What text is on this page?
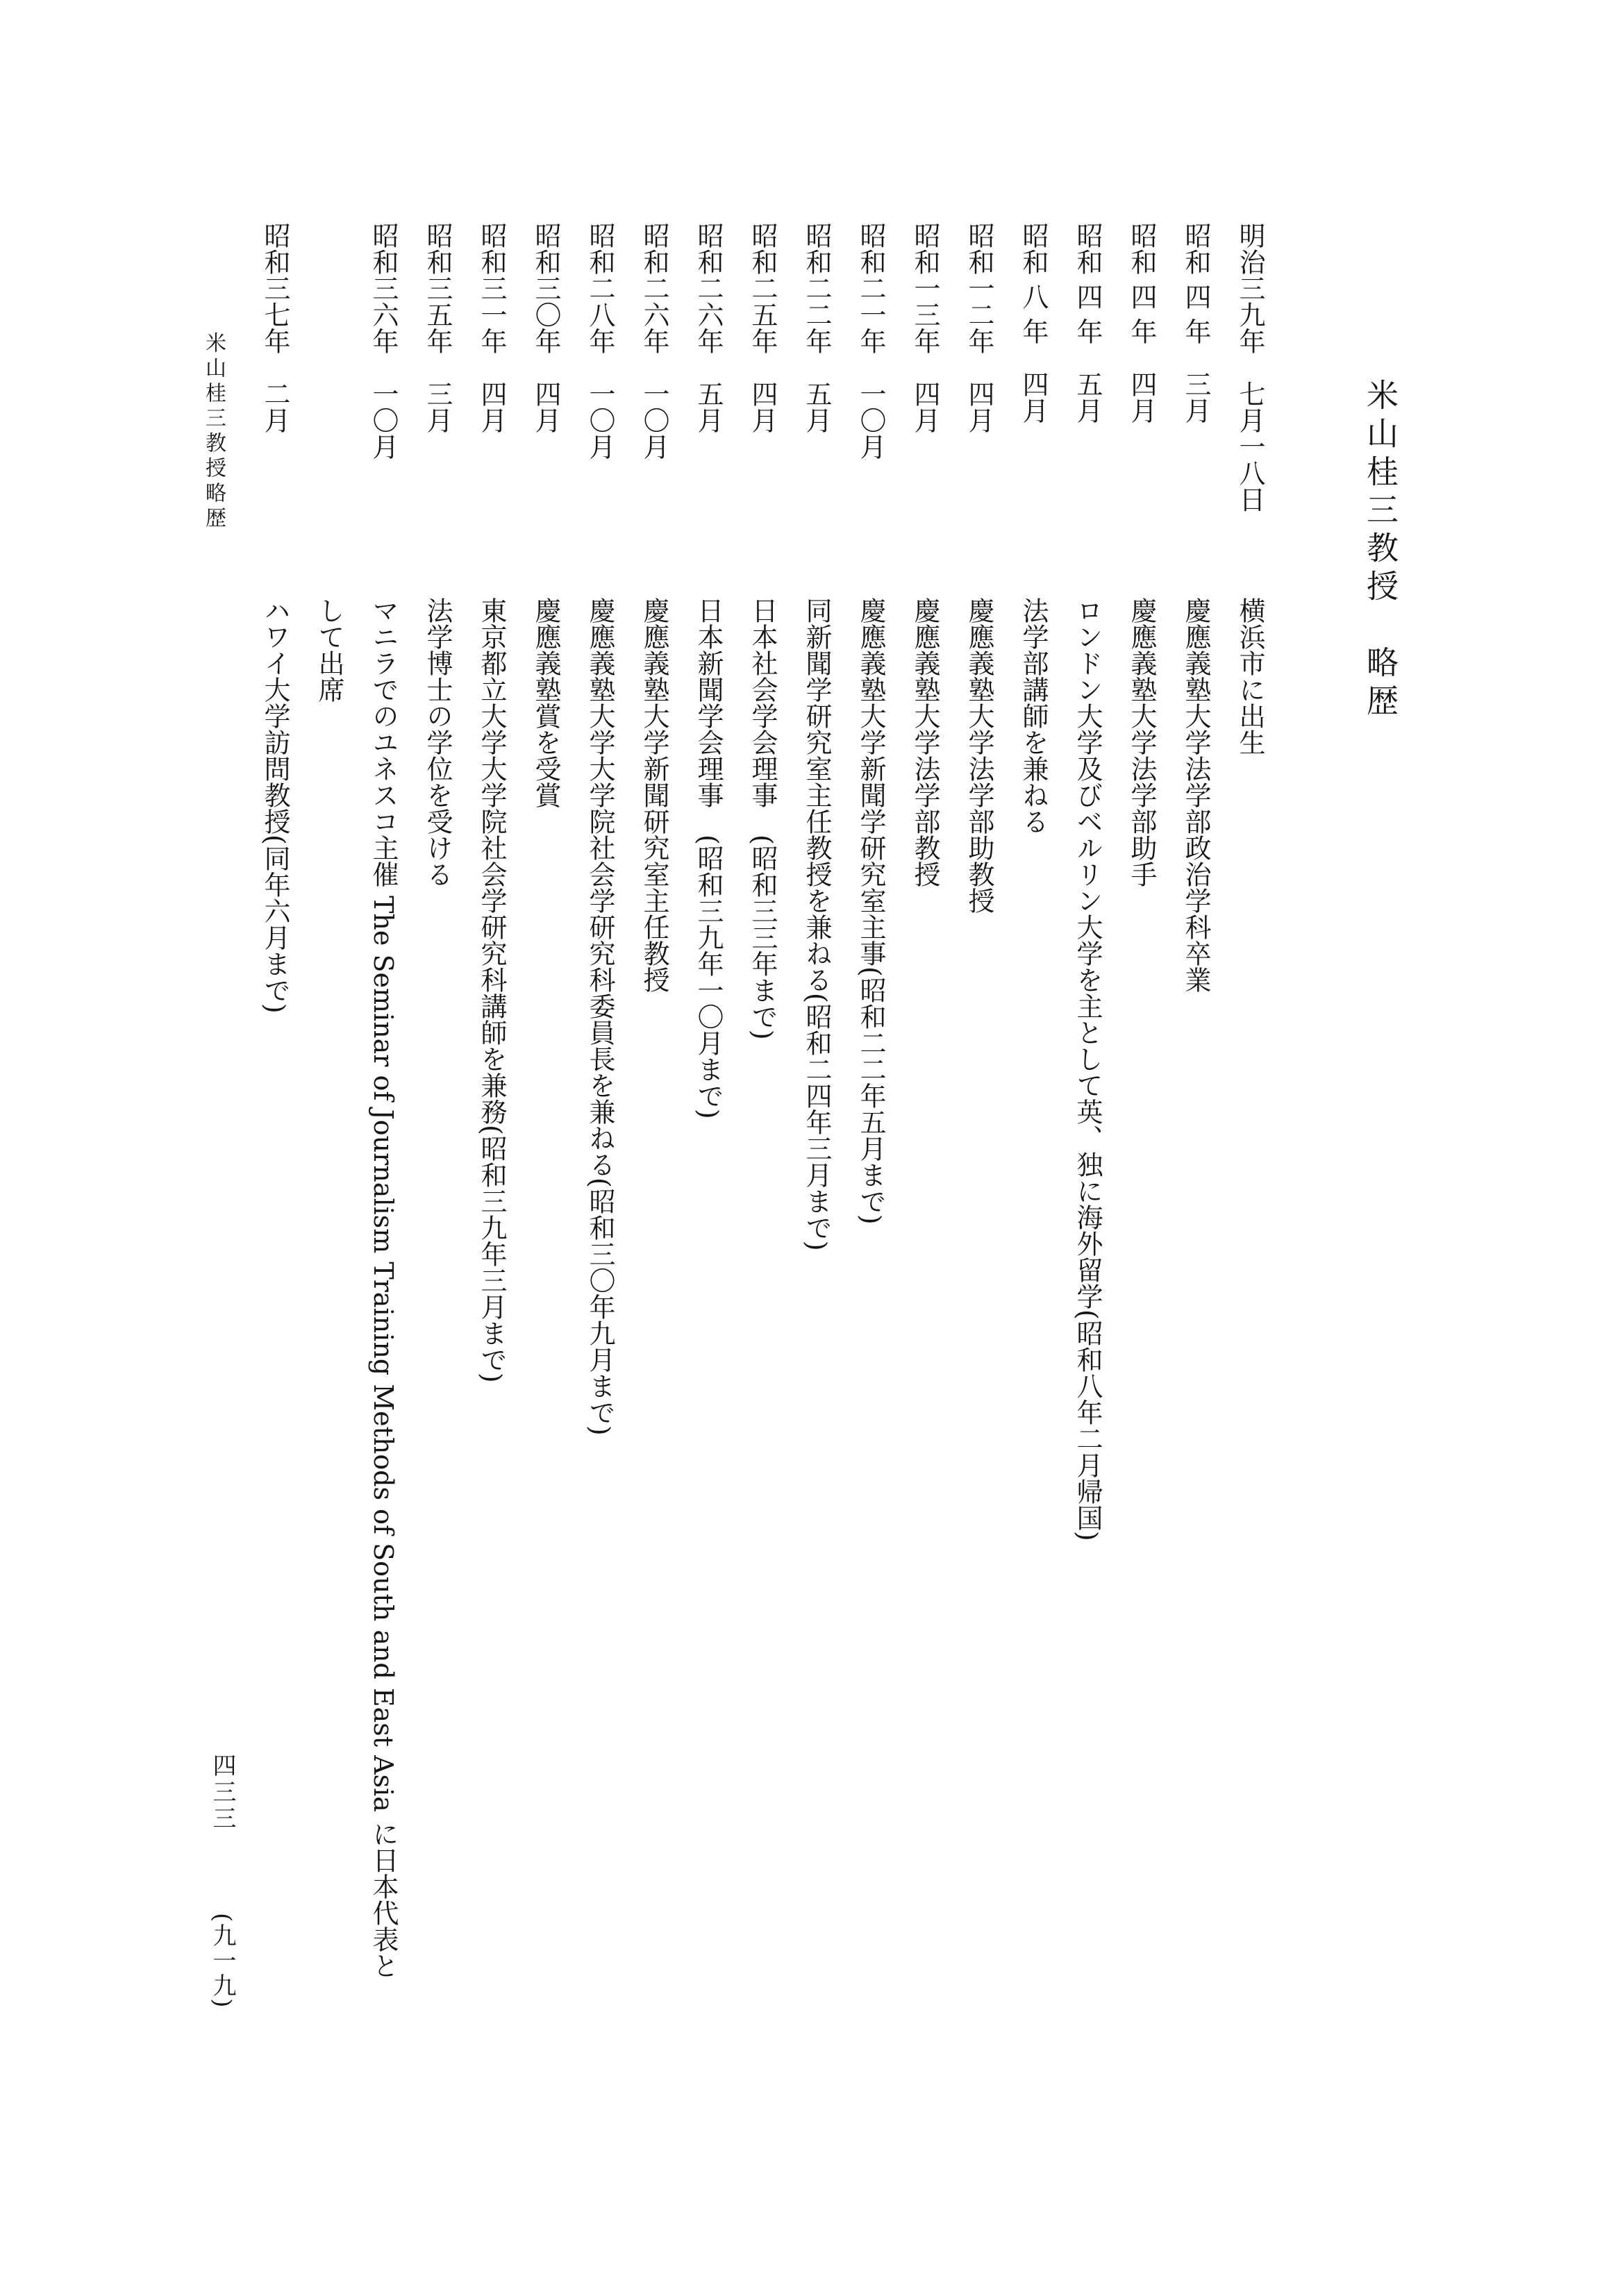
米山桂三教授　略歴
明治三九年　七月一八日
横浜市に出生
昭和 四 年　三月
慶應義塾大学法学部政治学科卒業
昭和 四 年　四月
慶應義塾大学法学部助手
昭和 四 年　五月
ロンドン大学及びベルリン大学を主として英、独に海外留学(昭和八年二月帰国)
昭和 八 年　四月
法学部講師を兼ねる
昭和一二年　四月
慶應義塾大学法学部助教授
昭和一三年　四月
慶應義塾大学法学部教授
昭和二一年　一〇月
慶應義塾大学新聞学研究室主事(昭和二二年五月まで)
昭和二二年　五月
同新聞学研究室主任教授を兼ねる(昭和二四年三月まで)
昭和二五年　四月
日本社会学会理事　(昭和三三年まで)
昭和二六年　五月
日本新聞学会理事　(昭和三九年一〇月まで)
昭和二六年　一〇月
慶應義塾大学新聞研究室主任教授
昭和二八年　一〇月
慶應義塾大学大学院社会学研究科委員長を兼ねる(昭和三〇年九月まで)
昭和三〇年　四月
慶應義塾賞を受賞
昭和三一年　四月
東京都立大学大学院社会学研究科講師を兼務(昭和三九年三月まで)
昭和三五年　三月
法学博士の学位を受ける
昭和三六年　一〇月
マニラでのユネスコ主催 The Seminar of Journalism Training Methods of South and East Asia に日本代表と
して出席
昭和三七年　二月
ハワイ大学訪問教授(同年六月まで)
米山桂三教授略歴
四三三
(九一九)
